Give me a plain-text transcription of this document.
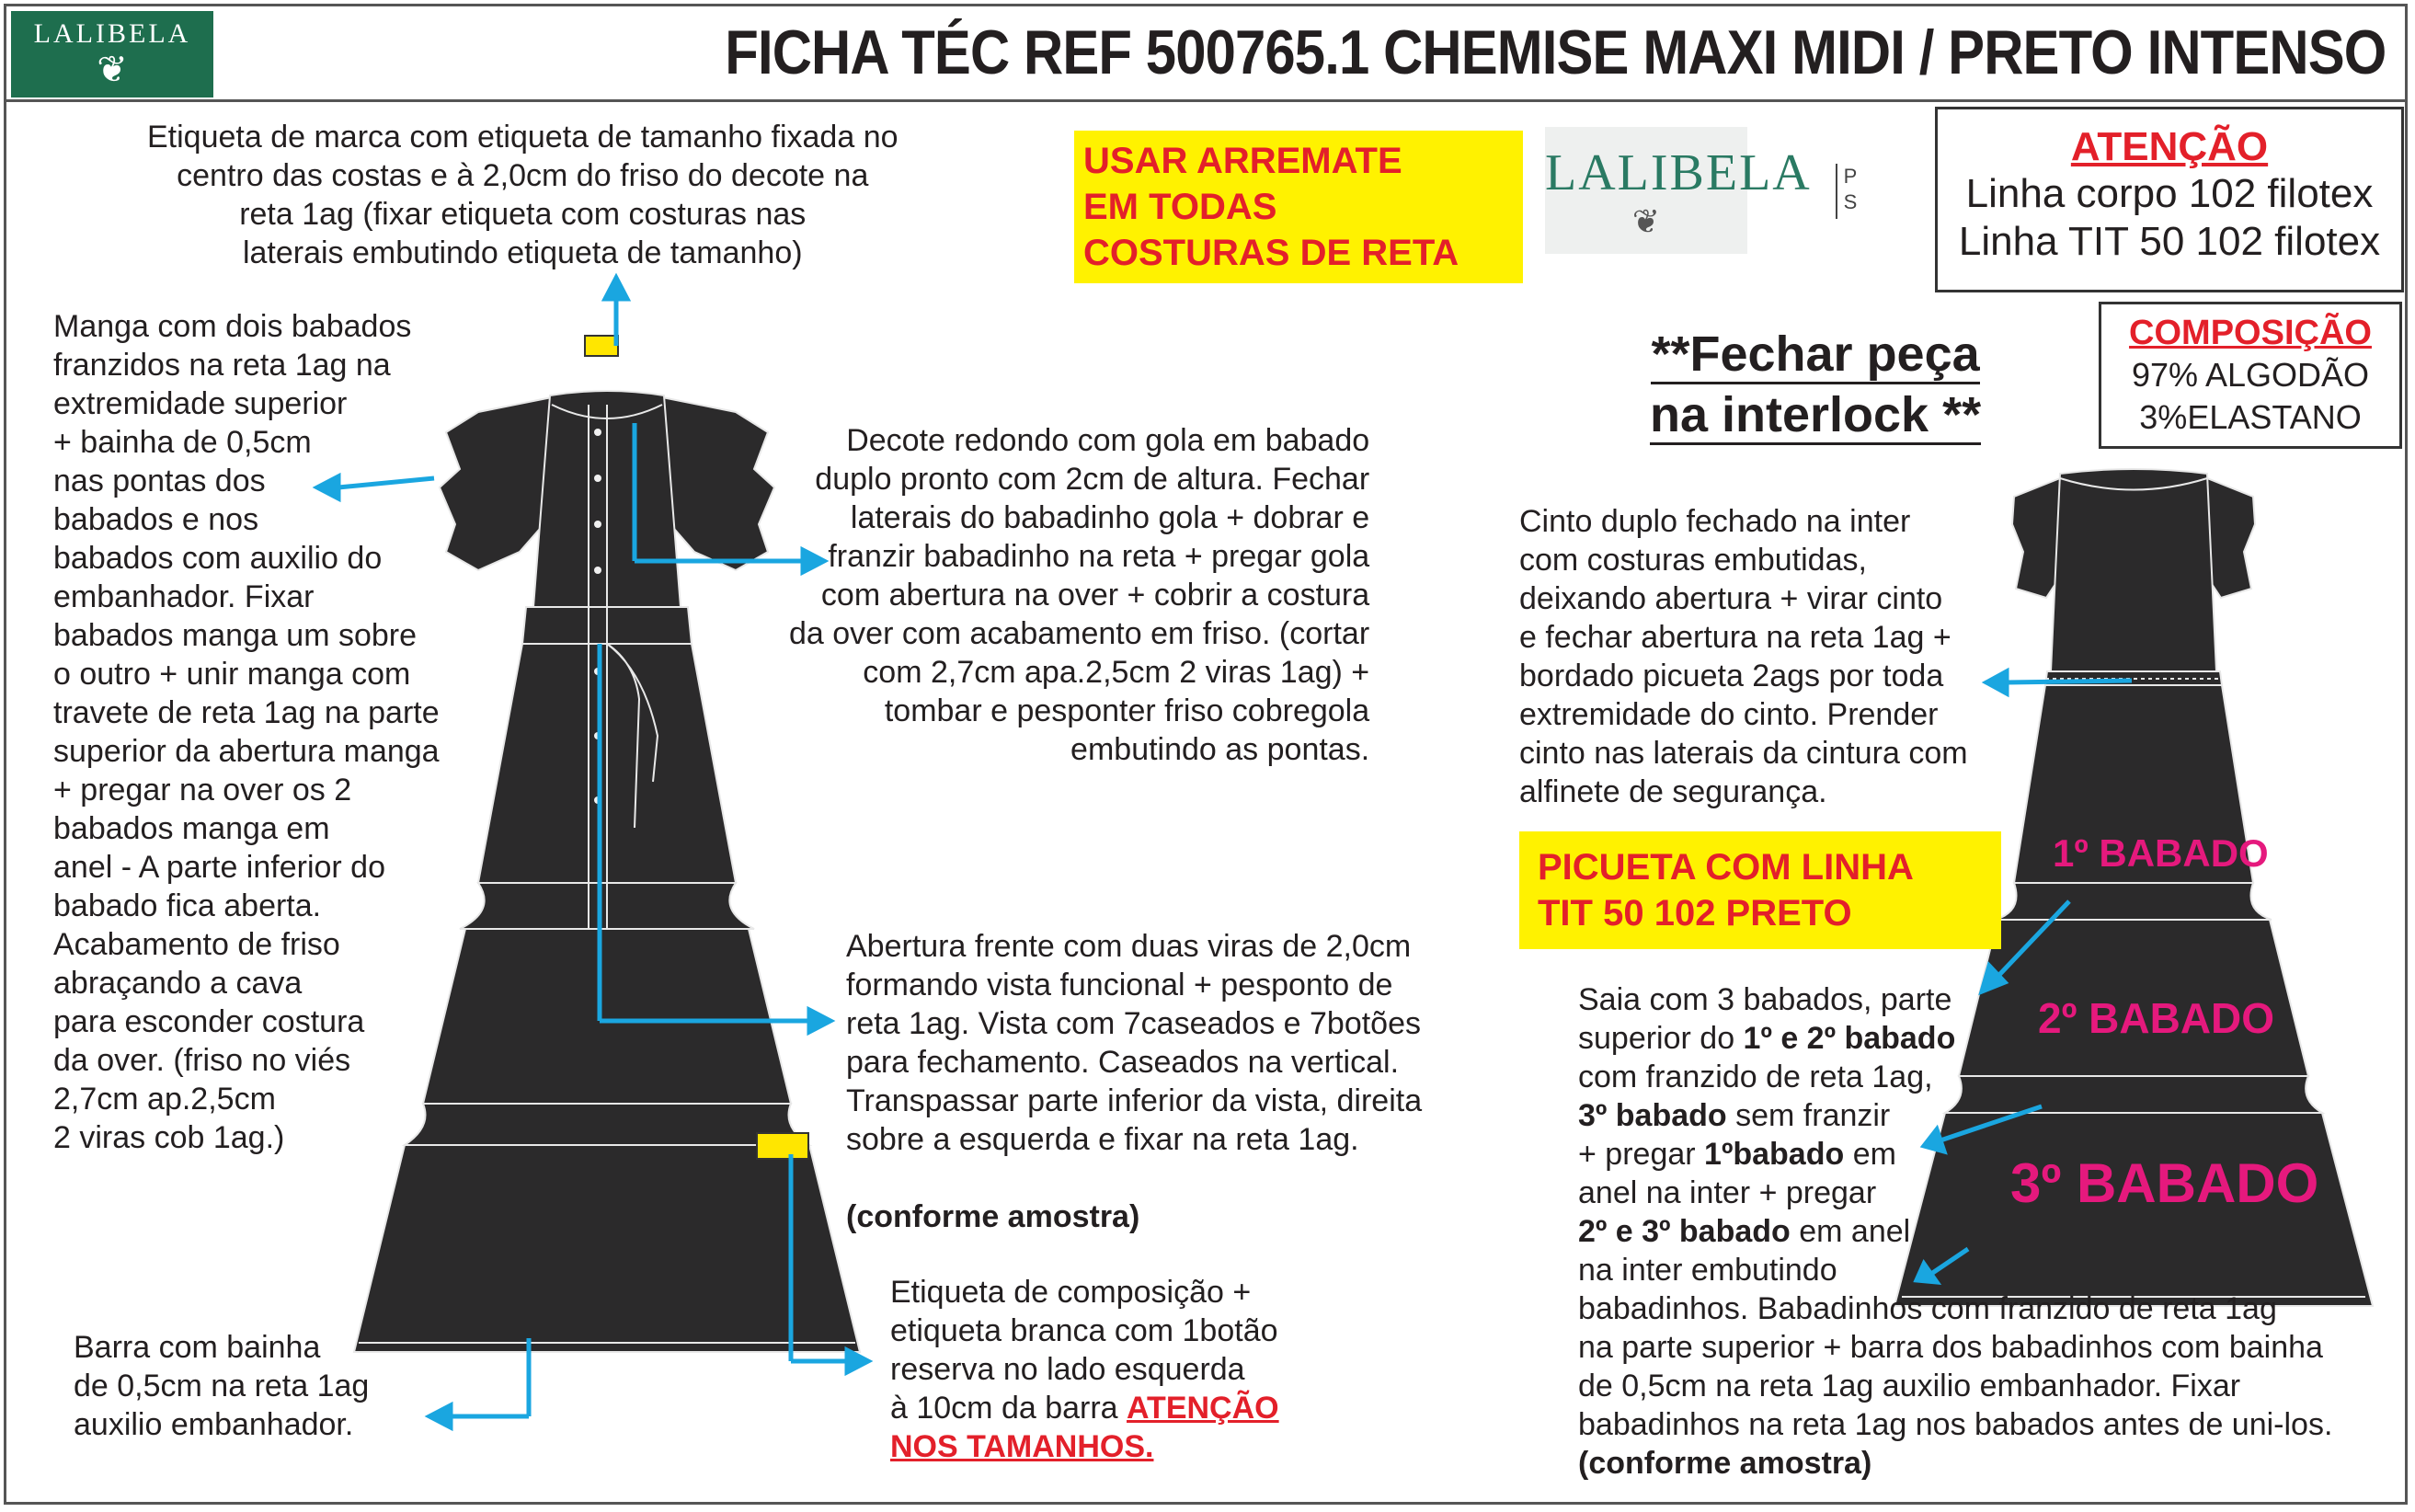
LALIBELA
❦	FICHA TÉC REF 500765.1 CHEMISE MAXI MIDI / PRETO INTENSO

Etiqueta de marca com etiqueta de tamanho fixada no
centro das costas e à 2,0cm do friso do decote na
reta 1ag (fixar etiqueta com costuras nas
laterais embutindo etiqueta de tamanho)

Manga com dois babados
franzidos na reta 1ag na
extremidade superior
+ bainha de 0,5cm
nas pontas dos
babados e nos
babados com auxilio do
embanhador. Fixar
babados manga um sobre
o outro + unir manga com
travete de reta 1ag na parte
superior da abertura manga
+ pregar na over os 2
babados manga em
anel - A parte inferior do
babado fica aberta.
Acabamento de friso
abraçando a cava
para esconder costura
da over. (friso no viés
2,7cm ap.2,5cm
2 viras cob 1ag.)

Decote redondo com gola em babado
duplo pronto com 2cm de altura. Fechar
laterais do babadinho gola + dobrar e
franzir babadinho na reta + pregar gola
com abertura na over + cobrir a costura
da over com acabamento em friso. (cortar
com 2,7cm apa.2,5cm 2 viras 1ag) +
tombar e pesponter friso cobregola
embutindo as pontas.

Abertura frente com duas viras de 2,0cm
formando vista funcional + pesponto de
reta 1ag. Vista com 7caseados e 7botões
para fechamento. Caseados na vertical.
Transpassar parte inferior da vista, direita
sobre a esquerda e fixar na reta 1ag.

(conforme amostra)

Barra com bainha
de 0,5cm na reta 1ag
auxilio embanhador.

Etiqueta de composição +
etiqueta branca com 1botão
reserva no lado esquerda
à 10cm da barra ATENÇÃO
NOS TAMANHOS.
USAR ARREMATE
EM TODAS
COSTURAS DE RETA
LALIBELA
❦
P
S
ATENÇÃO
Linha corpo 102 filotex
Linha TIT 50 102 filotex
COMPOSIÇÃO
97% ALGODÃO
3%ELASTANO
**Fechar peça
na interlock **

Cinto duplo fechado na inter
com costuras embutidas,
deixando abertura + virar cinto
e fechar abertura na reta 1ag +
bordado picueta 2ags por toda
extremidade do cinto. Prender
cinto nas laterais da cintura com
alfinete de segurança.

PICUETA COM LINHA
TIT 50 102 PRETO
Saia com 3 babados, parte
superior do 1º e 2º babado
com franzido de reta 1ag,
3º babado sem franzir
+ pregar 1ºbabado em
anel na inter + pregar
2º e 3º babado em anel
na inter embutindo
babadinhos. Babadinhos com franzido de reta 1ag
na parte superior + barra dos babadinhos com bainha
de 0,5cm na reta 1ag auxilio embanhador. Fixar
babadinhos na reta 1ag nos babados antes de uni-los.
(conforme amostra)
1º BABADO
2º BABADO
3º BABADO
